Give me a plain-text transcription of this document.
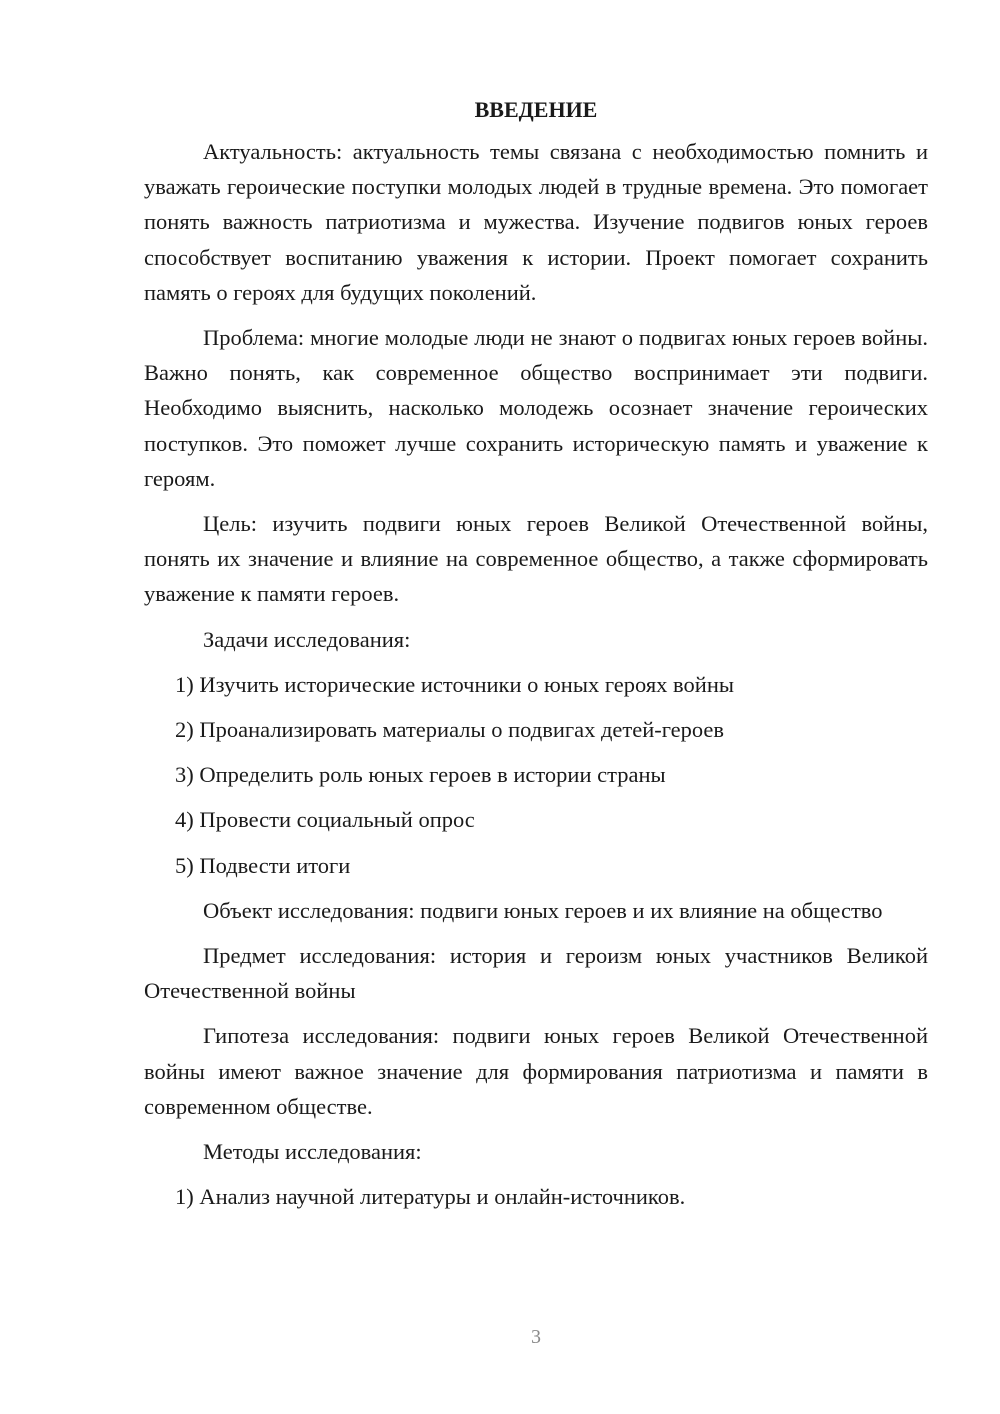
ВВЕДЕНИЕ

Актуальность: актуальность темы связана с необходимостью помнить и уважать героические поступки молодых людей в трудные времена. Это помогает понять важность патриотизма и мужества. Изучение подвигов юных героев способствует воспитанию уважения к истории. Проект помогает сохранить память о героях для будущих поколений.

Проблема: многие молодые люди не знают о подвигах юных героев войны. Важно понять, как современное общество воспринимает эти подвиги. Необходимо выяснить, насколько молодежь осознает значение героических поступков. Это поможет лучше сохранить историческую память и уважение к героям.

Цель: изучить подвиги юных героев Великой Отечественной войны, понять их значение и влияние на современное общество, а также сформировать уважение к памяти героев.

Задачи исследования:
1) Изучить исторические источники о юных героях войны
2) Проанализировать материалы о подвигах детей-героев
3) Определить роль юных героев в истории страны
4) Провести социальный опрос
5) Подвести итоги

Объект исследования: подвиги юных героев и их влияние на общество

Предмет исследования: история и героизм юных участников Великой Отечественной войны

Гипотеза исследования: подвиги юных героев Великой Отечественной войны имеют важное значение для формирования патриотизма и памяти в современном обществе.

Методы исследования:
1) Анализ научной литературы и онлайн-источников.
3
